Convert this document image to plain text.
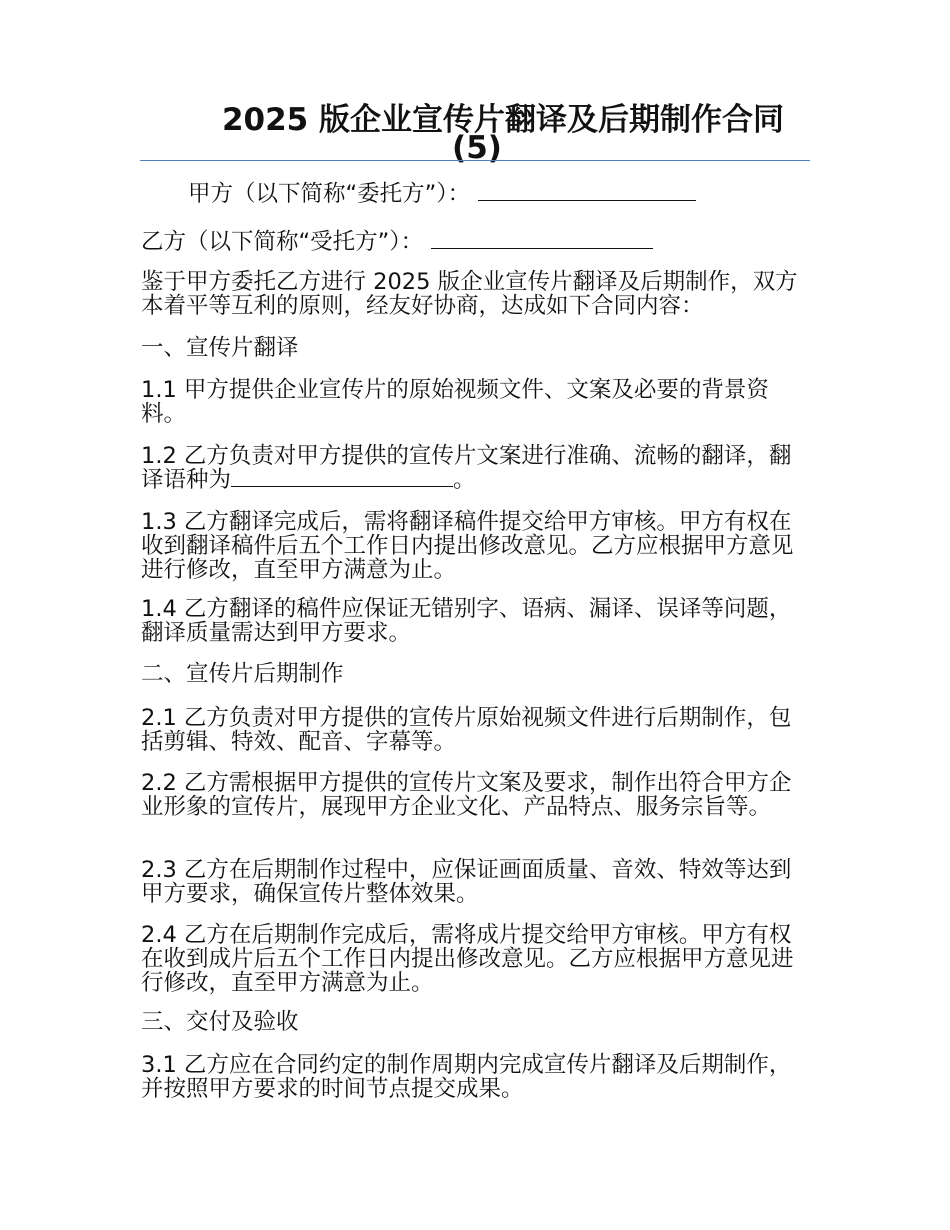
2025 版企业宣传片翻译及后期制作合同
(5)

甲方（以下简称“委托方”）：

乙方（以下简称“受托方”）：

鉴于甲方委托乙方进行 2025 版企业宣传片翻译及后期制作，双方本着平等互利的原则，经友好协商，达成如下合同内容：

一、宣传片翻译

1.1 甲方提供企业宣传片的原始视频文件、文案及必要的背景资料。

1.2 乙方负责对甲方提供的宣传片文案进行准确、流畅的翻译，翻译语种为	。

1.3 乙方翻译完成后，需将翻译稿件提交给甲方审核。甲方有权在收到翻译稿件后五个工作日内提出修改意见。乙方应根据甲方意见进行修改，直至甲方满意为止。

1.4 乙方翻译的稿件应保证无错别字、语病、漏译、误译等问题，翻译质量需达到甲方要求。

二、宣传片后期制作

2.1 乙方负责对甲方提供的宣传片原始视频文件进行后期制作，包括剪辑、特效、配音、字幕等。

2.2 乙方需根据甲方提供的宣传片文案及要求，制作出符合甲方企业形象的宣传片，展现甲方企业文化、产品特点、服务宗旨等。

2.3 乙方在后期制作过程中，应保证画面质量、音效、特效等达到甲方要求，确保宣传片整体效果。

2.4 乙方在后期制作完成后，需将成片提交给甲方审核。甲方有权在收到成片后五个工作日内提出修改意见。乙方应根据甲方意见进行修改，直至甲方满意为止。

三、交付及验收

3.1 乙方应在合同约定的制作周期内完成宣传片翻译及后期制作，并按照甲方要求的时间节点提交成果。
